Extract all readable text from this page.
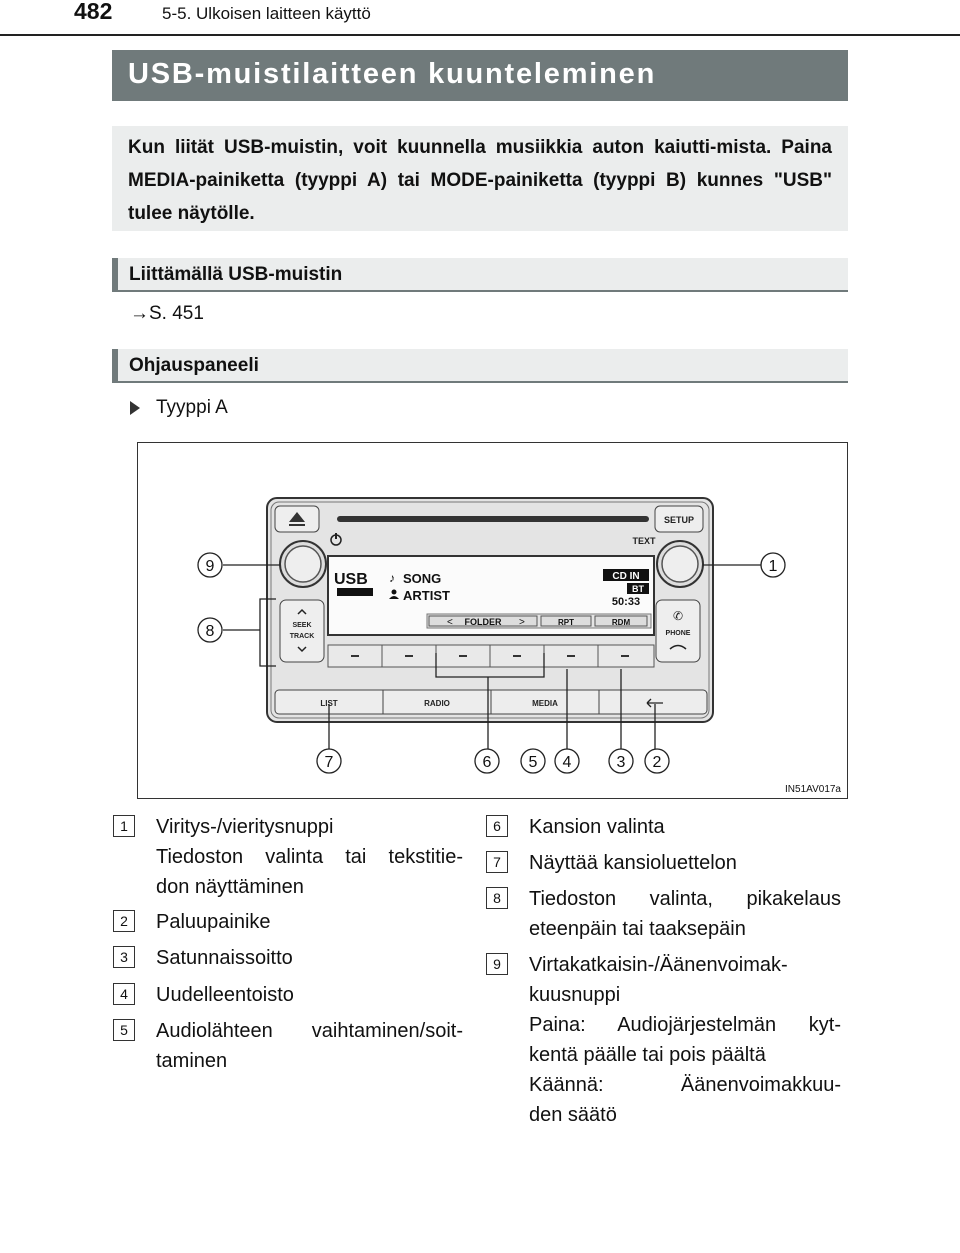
482	5-5. Ulkoisen laitteen käyttö
USB-muistilaitteen kuunteleminen

Kun liität USB-muistin, voit kuunnella musiikkia auton kaiutti-mista. Paina MEDIA-painiketta (tyyppi A) tai MODE-painiketta (tyyppi B) kunnes "USB" tulee näytölle.

Liittämällä USB-muistin
→S. 451
Ohjauspaneeli
Tyyppi A
SETUP
TEXT
USB ♪ SONG
ARTIST
CD IN
BT
50:33
< FOLDER >	RPT	RDM
SEEK
TRACK
✆
PHONE
LIST	RADIO	MEDIA
9	1
8
7	6 5 4	3 2
IN51AV017a
1	Viritys-/vieritysnuppi
Tiedoston valinta tai tekstitie-
don näyttäminen
2	Paluupainike
3	Satunnaissoitto
4	Uudelleentoisto
5	Audiolähteen vaihtaminen/soit-
taminen
6	Kansion valinta
7	Näyttää kansioluettelon
8	Tiedoston valinta, pikakelaus
eteenpäin tai taaksepäin
9	Virtakatkaisin-/Äänenvoimak-
kuusnuppi
Paina: Audiojärjestelmän kyt-
kentä päälle tai pois päältä
Käännä: Äänenvoimakkuu-
den säätö
